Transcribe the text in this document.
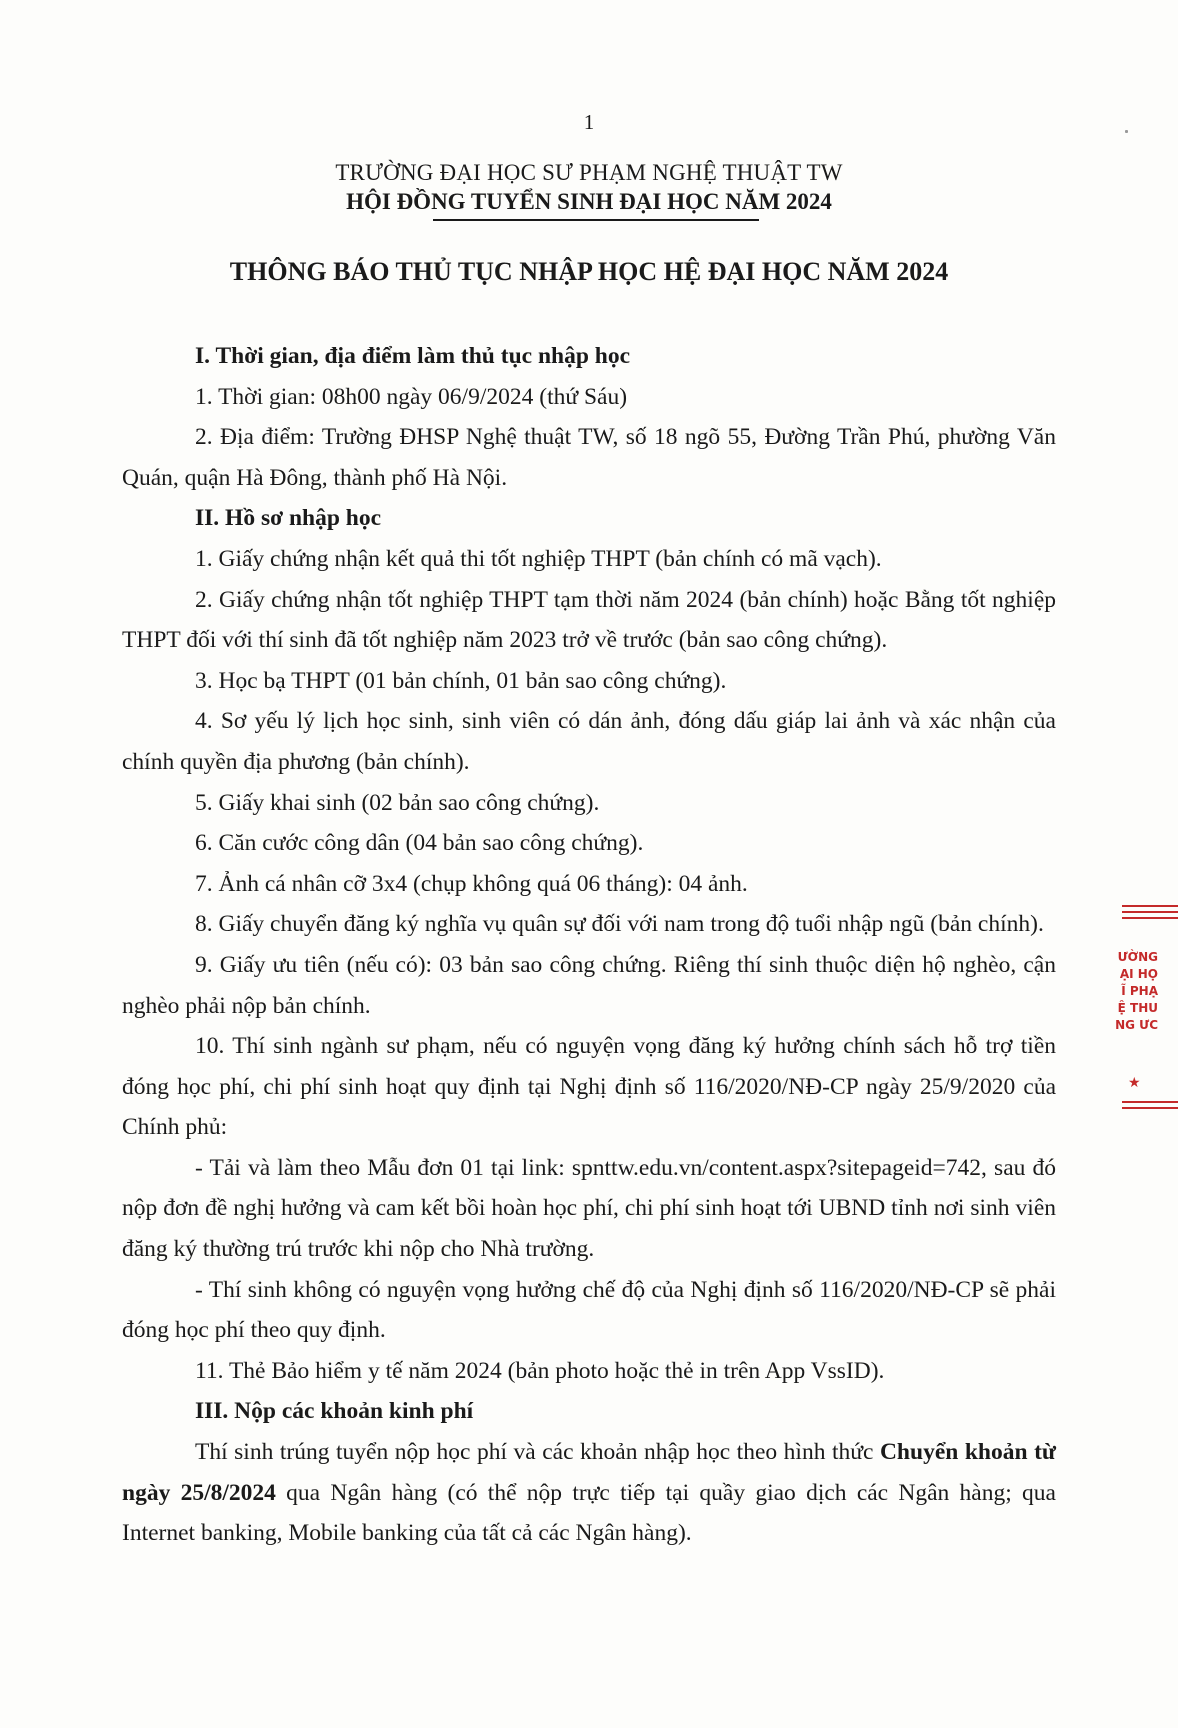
1
TRƯỜNG ĐẠI HỌC SƯ PHẠM NGHỆ THUẬT TW
HỘI ĐỒNG TUYỂN SINH ĐẠI HỌC NĂM 2024
THÔNG BÁO THỦ TỤC NHẬP HỌC HỆ ĐẠI HỌC NĂM 2024

I. Thời gian, địa điểm làm thủ tục nhập học

1. Thời gian: 08h00 ngày 06/9/2024 (thứ Sáu)

2. Địa điểm: Trường ĐHSP Nghệ thuật TW, số 18 ngõ 55, Đường Trần Phú, phường Văn Quán, quận Hà Đông, thành phố Hà Nội.

II. Hồ sơ nhập học

1. Giấy chứng nhận kết quả thi tốt nghiệp THPT (bản chính có mã vạch).

2. Giấy chứng nhận tốt nghiệp THPT tạm thời năm 2024 (bản chính) hoặc Bằng tốt nghiệp THPT đối với thí sinh đã tốt nghiệp năm 2023 trở về trước (bản sao công chứng).

3. Học bạ THPT (01 bản chính, 01 bản sao công chứng).

4. Sơ yếu lý lịch học sinh, sinh viên có dán ảnh, đóng dấu giáp lai ảnh và xác nhận của chính quyền địa phương (bản chính).

5. Giấy khai sinh (02 bản sao công chứng).

6. Căn cước công dân (04 bản sao công chứng).

7. Ảnh cá nhân cỡ 3x4 (chụp không quá 06 tháng): 04 ảnh.

8. Giấy chuyển đăng ký nghĩa vụ quân sự đối với nam trong độ tuổi nhập ngũ (bản chính).

9. Giấy ưu tiên (nếu có): 03 bản sao công chứng. Riêng thí sinh thuộc diện hộ nghèo, cận nghèo phải nộp bản chính.

10. Thí sinh ngành sư phạm, nếu có nguyện vọng đăng ký hưởng chính sách hỗ trợ tiền đóng học phí, chi phí sinh hoạt quy định tại Nghị định số 116/2020/NĐ-CP ngày 25/9/2020 của Chính phủ:

- Tải và làm theo Mẫu đơn 01 tại link: spnttw.edu.vn/content.aspx?sitepageid=742, sau đó nộp đơn đề nghị hưởng và cam kết bồi hoàn học phí, chi phí sinh hoạt tới UBND tỉnh nơi sinh viên đăng ký thường trú trước khi nộp cho Nhà trường.

- Thí sinh không có nguyện vọng hưởng chế độ của Nghị định số 116/2020/NĐ-CP sẽ phải đóng học phí theo quy định.

11. Thẻ Bảo hiểm y tế năm 2024 (bản photo hoặc thẻ in trên App VssID).

III. Nộp các khoản kinh phí

Thí sinh trúng tuyển nộp học phí và các khoản nhập học theo hình thức Chuyển khoản từ ngày 25/8/2024 qua Ngân hàng (có thể nộp trực tiếp tại quầy giao dịch các Ngân hàng; qua Internet banking, Mobile banking của tất cả các Ngân hàng).

ƯỜNG
ẠI HỌ
Ĩ PHẠ
Ệ THU
NG ƯC
★
